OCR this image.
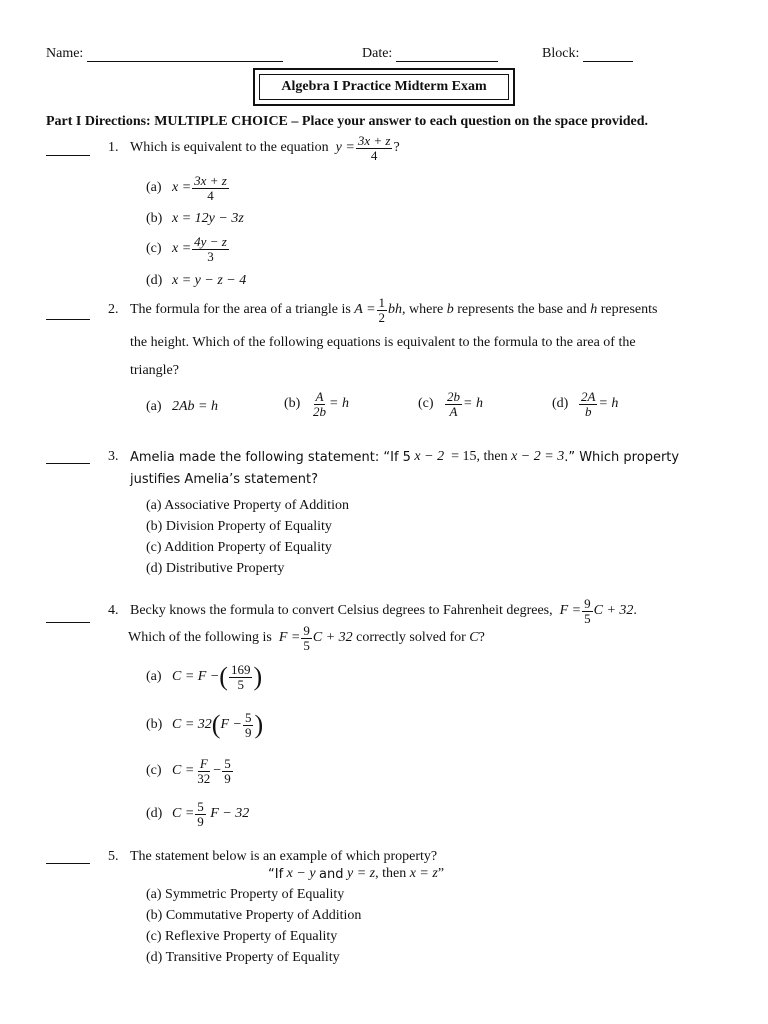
Name:	Date:	Block:
Algebra I Practice Midterm Exam
Part I Directions: MULTIPLE CHOICE – Place your answer to each question on the space provided.
1. Which is equivalent to the equation
$y = \frac{3x + z}{4}$ ?
(a) $x = \frac{3x + z}{4}$
(b) x = 12y − 3z
(c) $x = \frac{4y - z}{3}$
(d) x = y − z − 4
2. The formula for the area of a triangle is
$A = \frac{1}{2}$ bh , where
b
represents the base and
h
represents
the height. Which of the following equations is equivalent to the formula to the area of the
triangle?
(a) 2Ab = h	$(b) \frac{A}{2b} = h$	$(c) \frac{2b}{A} = h$	$(d) \frac{2A}{b} = h$
3. Amelia made the following statement: “If 5
x − 2
= 15, then
x − 2 = 3 .” Which property
justifies Amelia’s statement?
(a) Associative Property of Addition
(b) Division Property of Equality
(c) Addition Property of Equality
(d) Distributive Property
4. Becky knows the formula to convert Celsius degrees to Fahrenheit degrees,
$F = \frac{9}{5}$ C + 32 .
Which of the following is
$F = \frac{9}{5}$ C + 32
correctly solved for
C ?
(a) C = F − ( $\frac{169}{5}$ )
(b) C = 32 ( $F - \frac{5}{9}$ )
(c) $C = \frac{F}{32} - \frac{5}{9}$
(d) $C = \frac{5}{9}$
F − 32
5. The statement below is an example of which property?
“If
x − y
and
y = z , then
x = z ”
(a) Symmetric Property of Equality
(b) Commutative Property of Addition
(c) Reflexive Property of Equality
(d) Transitive Property of Equality
